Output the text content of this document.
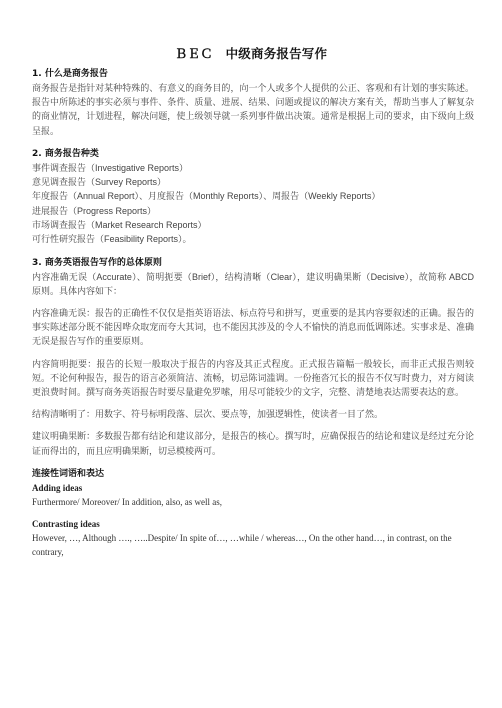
ＢＥＣ　中级商务报告写作
1. 什么是商务报告
商务报告是指针对某种特殊的、有意义的商务目的，向一个人或多个人提供的公正、客观和有计划的事实陈述。报告中所陈述的事实必须与事件、条件、质量、进展、结果、问题或提议的解决方案有关，帮助当事人了解复杂的商业情况，计划进程，解决问题，使上级领导就一系列事件做出决策。通常是根据上司的要求，由下级向上级呈报。
2. 商务报告种类
事件调查报告（Investigative Reports）
意见调查报告（Survey Reports）
年度报告（Annual Report）、月度报告（Monthly Reports）、周报告（Weekly Reports）
进展报告（Progress Reports）
市场调查报告（Market Research Reports）
可行性研究报告（Feasibility Reports）。
3. 商务英语报告写作的总体原则
内容准确无误（Accurate）、简明扼要（Brief），结构清晰（Clear），建议明确果断（Decisive），故简称 ABCD 原则。具体内容如下：
内容准确无误：报告的正确性不仅仅是指英语语法、标点符号和拼写，更重要的是其内容要叙述的正确。报告的事实陈述部分既不能因哗众取宠而夸大其词，也不能因其涉及的令人不愉快的消息而低调陈述。实事求是、准确无误是报告写作的重要原则。
内容简明扼要：报告的长短一般取决于报告的内容及其正式程度。正式报告篇幅一般较长，而非正式报告则较短。不论何种报告，报告的语言必须简洁、流畅，切忌陈词滥调。一份拖沓冗长的报告不仅写时费力，对方阅读更浪费时间。撰写商务英语报告时要尽量避免罗嗦，用尽可能较少的文字，完整、清楚地表达需要表达的意。
结构清晰明了：用数字、符号标明段落、层次、要点等，加强逻辑性，使读者一目了然。
建议明确果断：多数报告都有结论和建议部分，是报告的核心。撰写时，应确保报告的结论和建议是经过充分论证而得出的，而且应明确果断，切忌模棱两可。
连接性词语和表达
Adding ideas
Furthermore/ Moreover/ In addition, also, as well as,
Contrasting ideas
However, …, Although …., …..Despite/ In spite of…, …while / whereas…, On the other hand…, in contrast, on the contrary,
